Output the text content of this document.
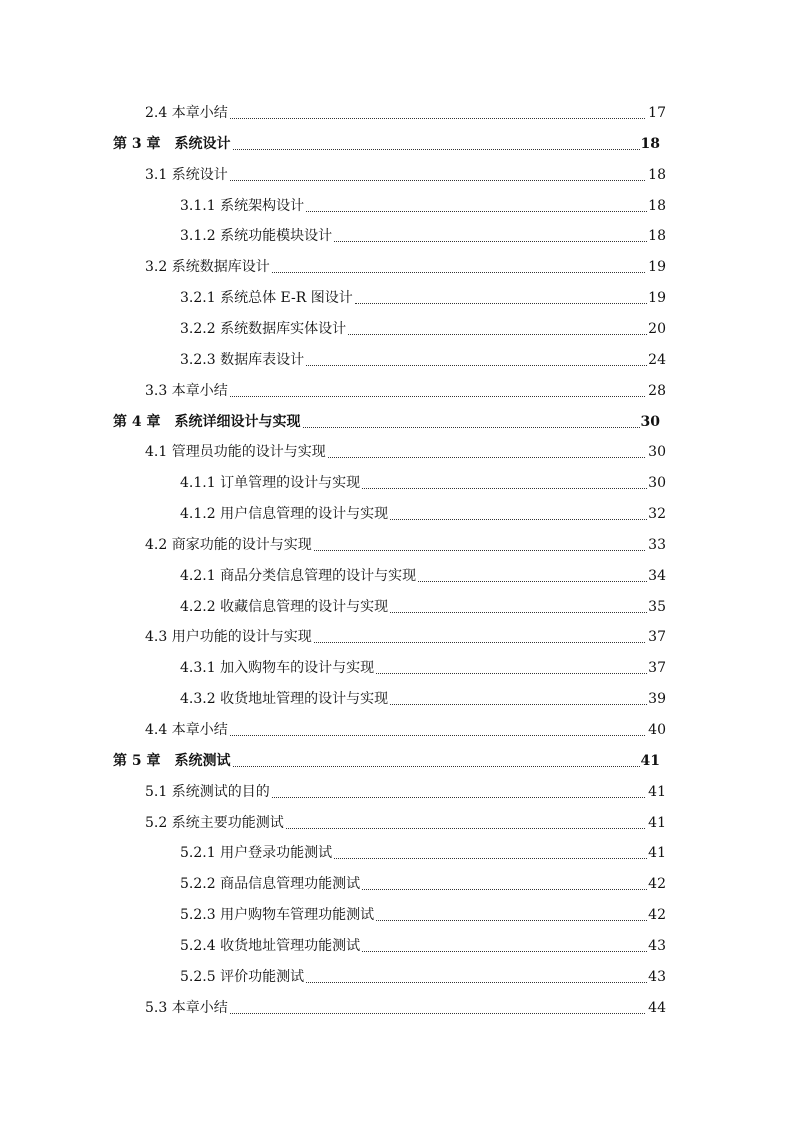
2.4 本章小结	17
第 3 章　系统设计	18
3.1 系统设计	18
3.1.1 系统架构设计	18
3.1.2 系统功能模块设计	18
3.2 系统数据库设计	19
3.2.1 系统总体 E-R 图设计	19
3.2.2 系统数据库实体设计	20
3.2.3 数据库表设计	24
3.3 本章小结	28
第 4 章　系统详细设计与实现	30
4.1 管理员功能的设计与实现	30
4.1.1 订单管理的设计与实现	30
4.1.2 用户信息管理的设计与实现	32
4.2 商家功能的设计与实现	33
4.2.1 商品分类信息管理的设计与实现	34
4.2.2 收藏信息管理的设计与实现	35
4.3 用户功能的设计与实现	37
4.3.1 加入购物车的设计与实现	37
4.3.2 收货地址管理的设计与实现	39
4.4 本章小结	40
第 5 章　系统测试	41
5.1 系统测试的目的	41
5.2 系统主要功能测试	41
5.2.1 用户登录功能测试	41
5.2.2 商品信息管理功能测试	42
5.2.3 用户购物车管理功能测试	42
5.2.4 收货地址管理功能测试	43
5.2.5 评价功能测试	43
5.3 本章小结	44
